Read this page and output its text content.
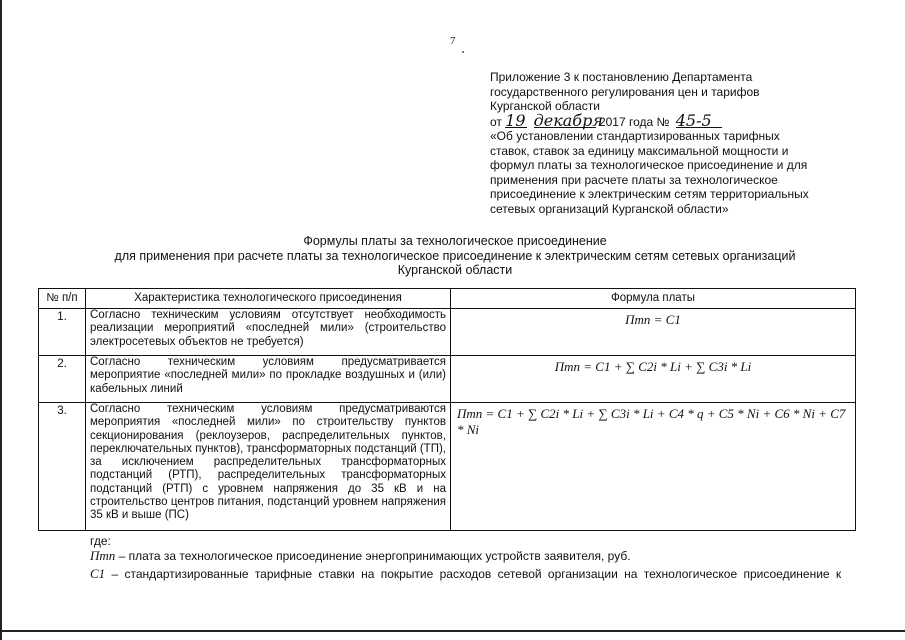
7
Приложение 3 к постановлению Департамента
государственного регулирования цен и тарифов
Курганской области
от 19 декабря 2017 года № 45-5
«Об установлении стандартизированных тарифных
ставок, ставок за единицу максимальной мощности и
формул платы за технологическое присоединение и для
применения при расчете платы за технологическое
присоединение к электрическим сетям территориальных
сетевых организаций Курганской области»
Формулы платы за технологическое присоединение
для применения при расчете платы за технологическое присоединение к электрическим сетям сетевых организаций
Курганской области
№ п/п	Характеристика технологического присоединения	Формула платы
1.	Согласно техническим условиям отсутствует необходимость реализации мероприятий «последней мили» (строительство электросетевых объектов не требуется)	Птп = C1
2.	Согласно техническим условиям предусматривается мероприятие «последней мили» по прокладке воздушных и (или) кабельных линий	Птп = C1 + ∑ C2i * Li + ∑ C3i * Li
3.	Согласно техническим условиям предусматриваются мероприятия «последней мили» по строительству пунктов секционирования (реклоузеров, распределительных пунктов, переключательных пунктов), трансформаторных подстанций (ТП), за исключением распределительных трансформаторных подстанций (РТП), распределительных трансформаторных подстанций (РТП) с уровнем напряжения до 35 кВ и на строительство центров питания, подстанций уровнем напряжения 35 кВ и выше (ПС)	Птп = C1 + ∑ C2i * Li + ∑ C3i * Li + C4 * q + C5 * Ni + C6 * Ni + C7 * Ni
где:
Птп – плата за технологическое присоединение энергопринимающих устройств заявителя, руб.
C1 – стандартизированные тарифные ставки на покрытие расходов сетевой организации на технологическое присоединение к
